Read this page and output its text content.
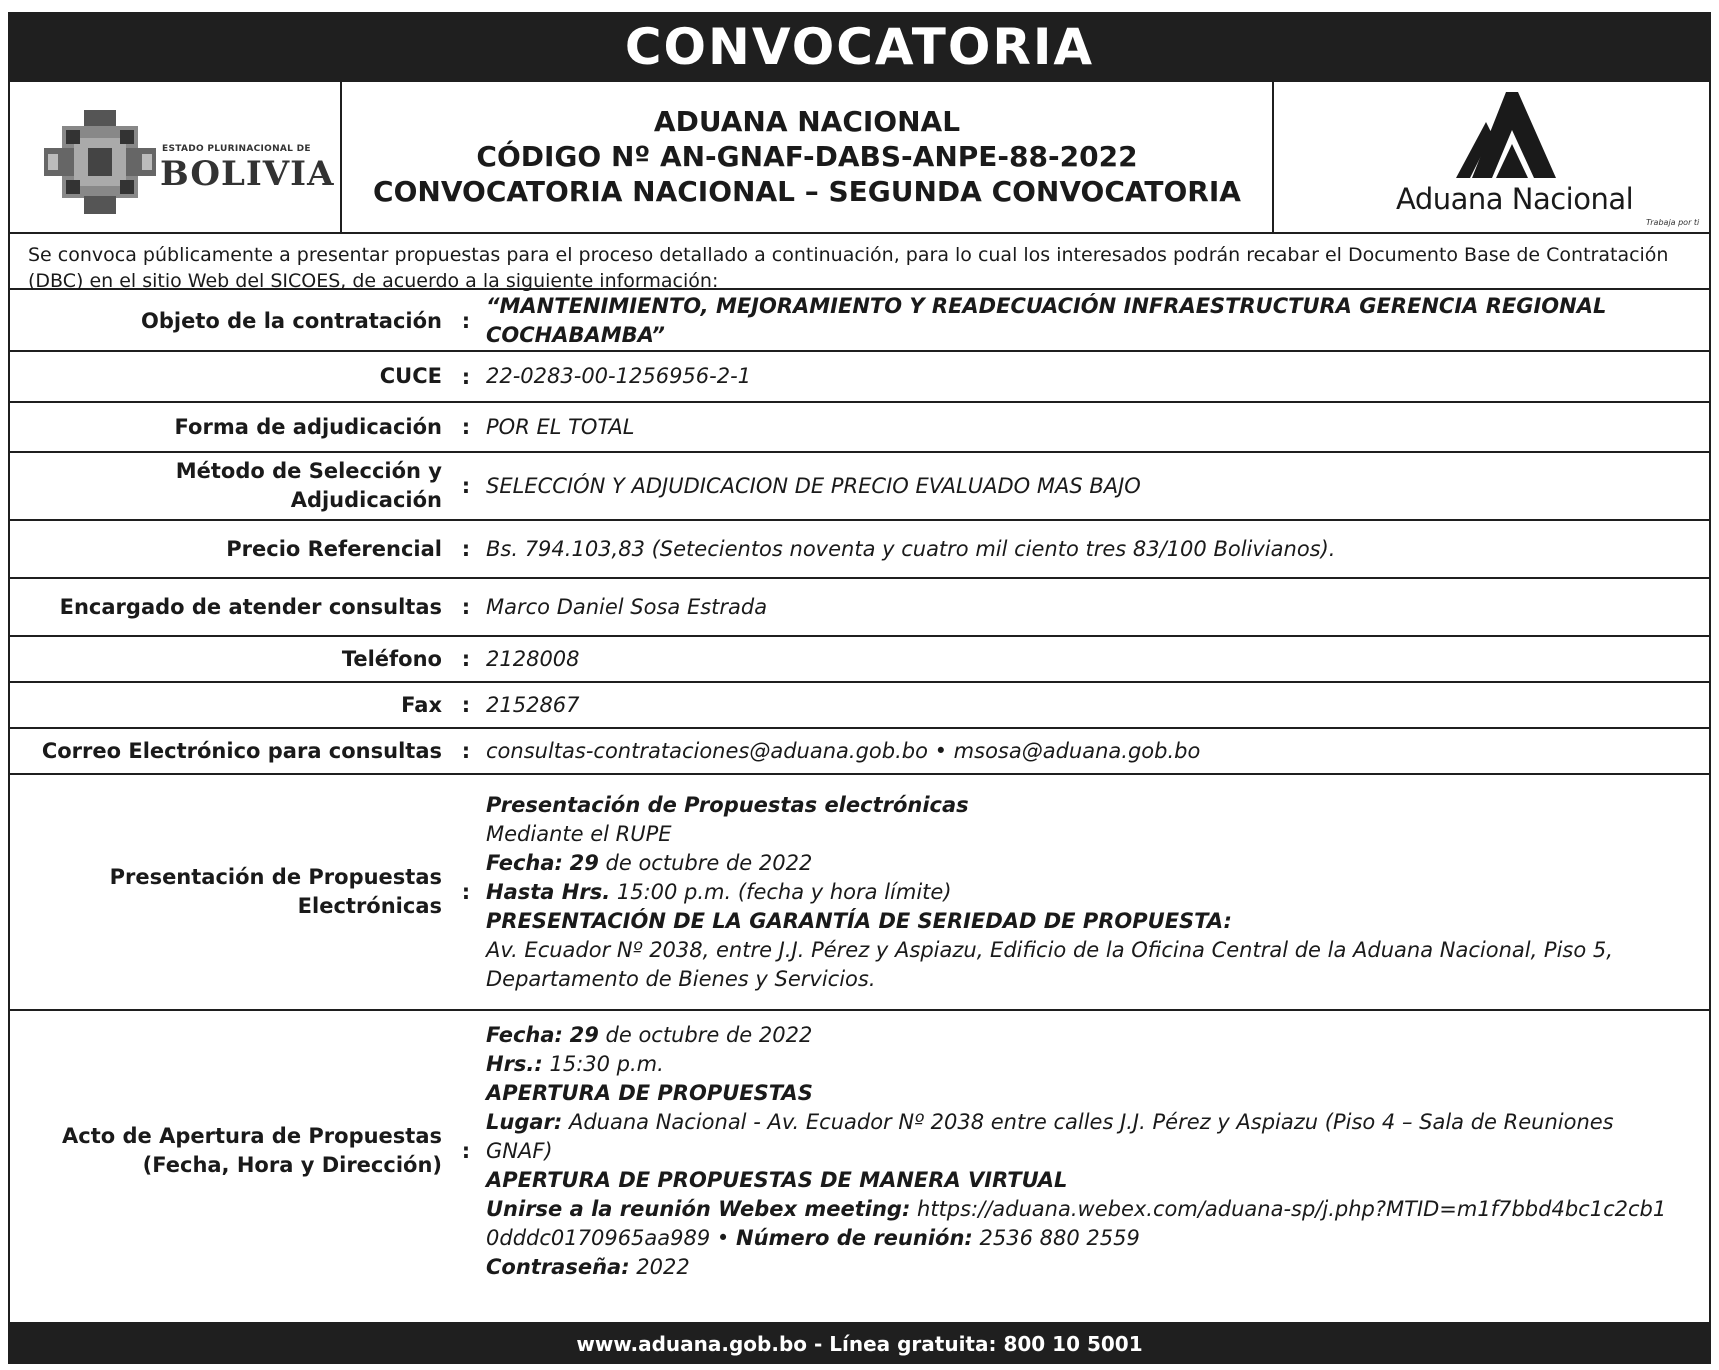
CONVOCATORIA
ESTADO PLURINACIONAL DE
BOLIVIA
ADUANA NACIONAL
CÓDIGO Nº AN-GNAF-DABS-ANPE-88-2022
CONVOCATORIA NACIONAL – SEGUNDA CONVOCATORIA	Aduana Nacional
Trabaja por ti
Se convoca públicamente a presentar propuestas para el proceso detallado a continuación, para lo cual los interesados podrán recabar el Documento Base de Contratación (DBC) en el sitio Web del SICOES, de acuerdo a la siguiente información:
Objeto de la contratación :
“MANTENIMIENTO, MEJORAMIENTO Y READECUACIÓN INFRAESTRUCTURA GERENCIA REGIONAL COCHABAMBA”
CUCE : 22-0283-00-1256956-2-1
Forma de adjudicación : POR EL TOTAL
Método de Selección y
Adjudicación
: SELECCIÓN Y ADJUDICACION DE PRECIO EVALUADO MAS BAJO
Precio Referencial : Bs. 794.103,83 (Setecientos noventa y cuatro mil ciento tres 83/100 Bolivianos).
Encargado de atender consultas : Marco Daniel Sosa Estrada
Teléfono : 2128008
Fax : 2152867
Correo Electrónico para consultas : consultas-contrataciones@aduana.gob.bo • msosa@aduana.gob.bo
Presentación de Propuestas
Electrónicas
:
Presentación de Propuestas electrónicas
Mediante el RUPE
Fecha: 29 de octubre de 2022
Hasta Hrs. 15:00 p.m. (fecha y hora límite)
PRESENTACIÓN DE LA GARANTÍA DE SERIEDAD DE PROPUESTA:
Av. Ecuador Nº 2038, entre J.J. Pérez y Aspiazu, Edificio de la Oficina Central de la Aduana Nacional, Piso 5, Departamento de Bienes y Servicios.
Acto de Apertura de Propuestas
(Fecha, Hora y Dirección)
:
Fecha: 29 de octubre de 2022
Hrs.: 15:30 p.m.
APERTURA DE PROPUESTAS
Lugar: Aduana Nacional - Av. Ecuador Nº 2038 entre calles J.J. Pérez y Aspiazu (Piso 4 – Sala de Reuniones GNAF)
APERTURA DE PROPUESTAS DE MANERA VIRTUAL
Unirse a la reunión Webex meeting: https://aduana.webex.com/aduana-sp/j.php?MTID=m1f7bbd4bc1c2cb10dddc0170965aa989 • Número de reunión: 2536 880 2559
Contraseña: 2022
www.aduana.gob.bo - Línea gratuita: 800 10 5001
